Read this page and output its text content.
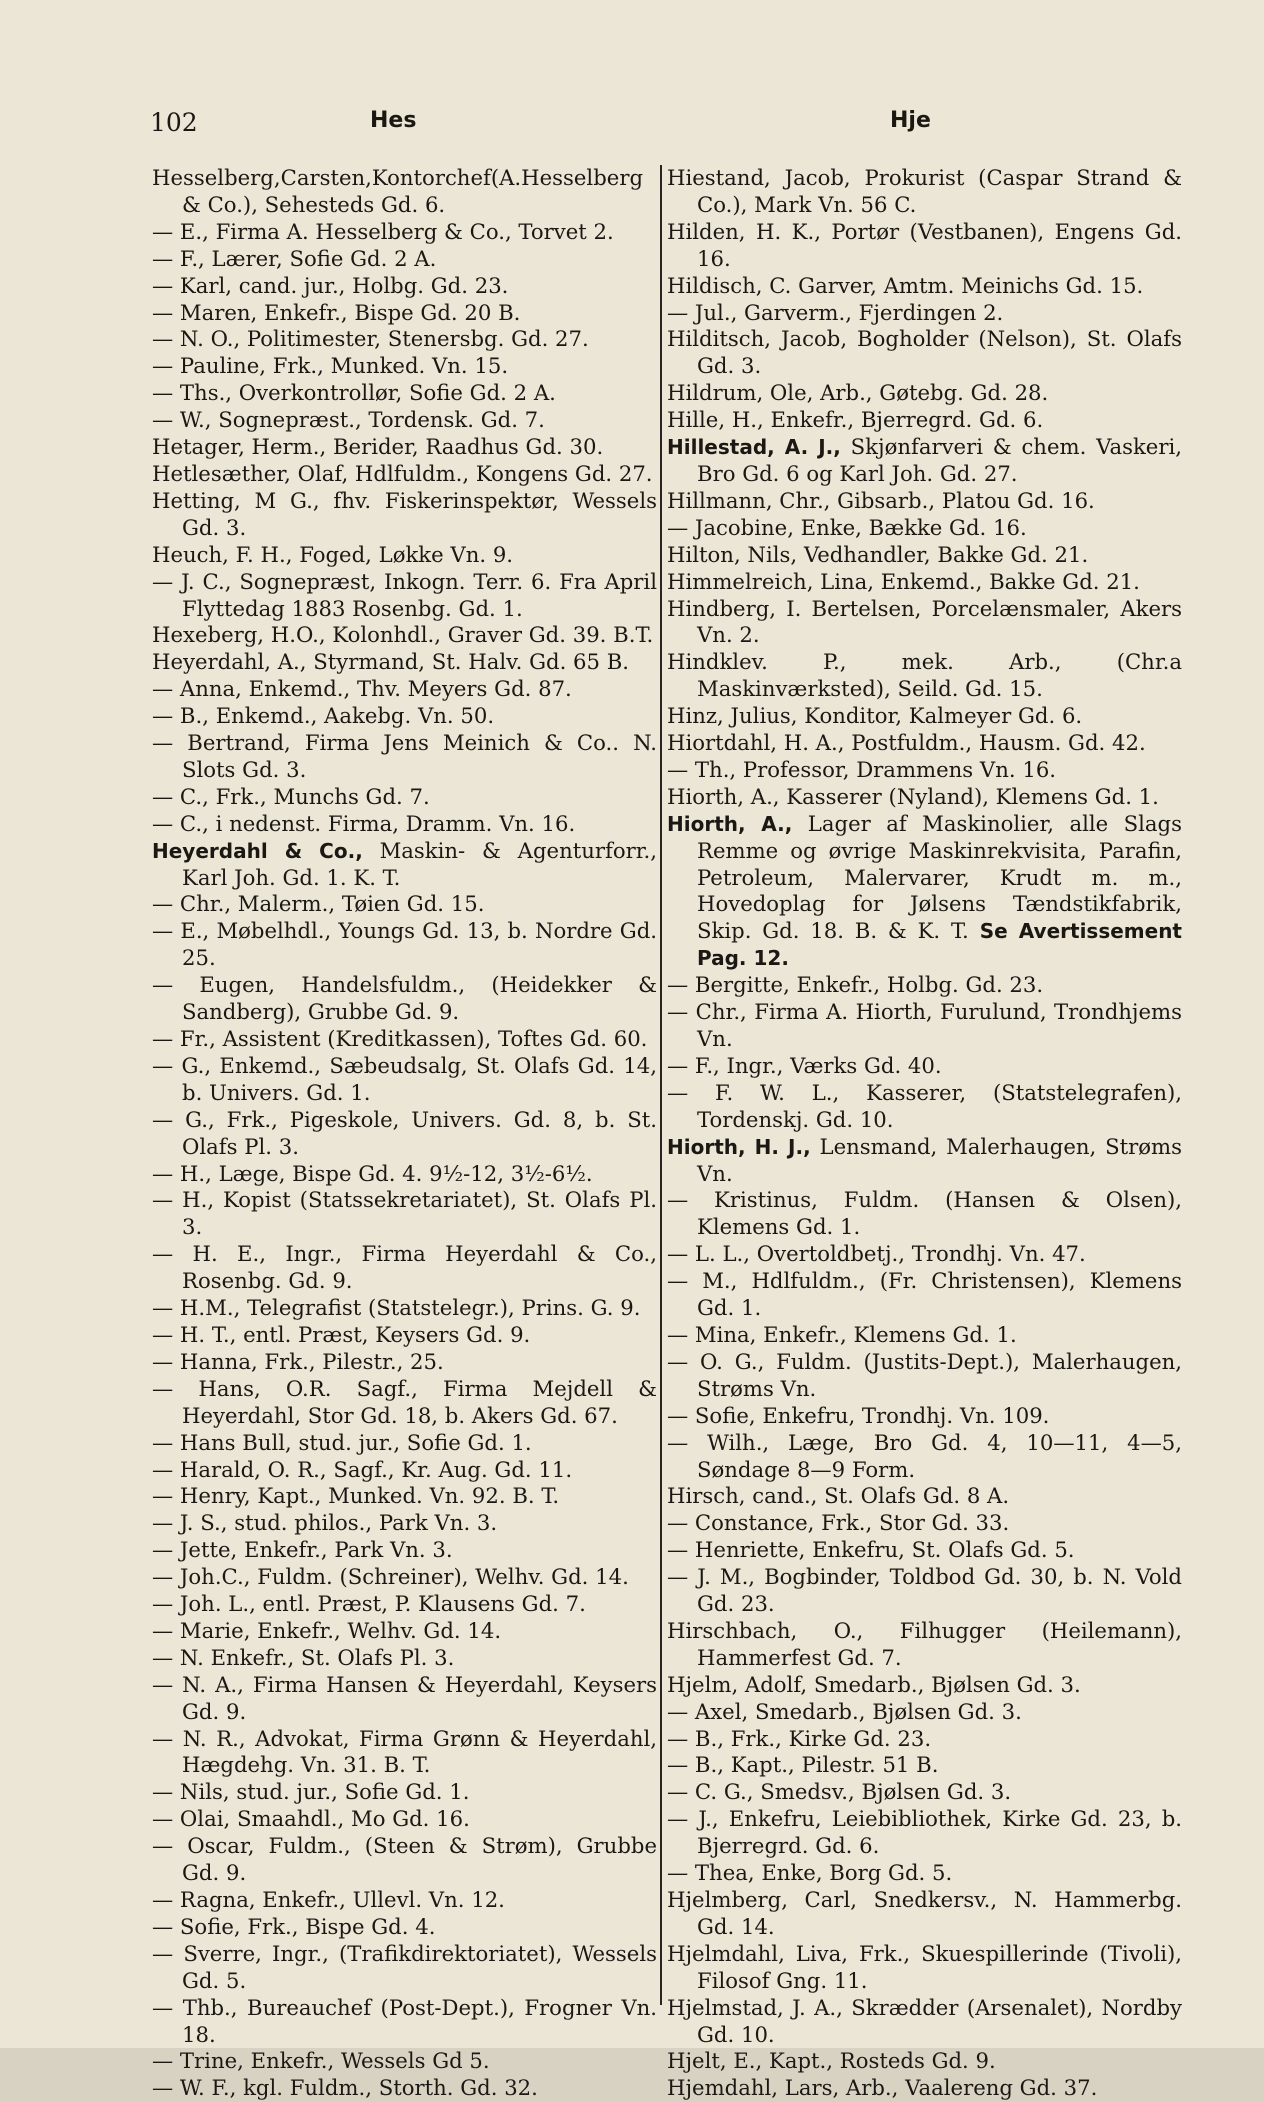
102	Hes	Hje
Hesselberg,Carsten,Kontorchef(A.Hesselberg & Co.), Sehesteds Gd. 6.
— E., Firma A. Hesselberg & Co., Torvet 2.
— F., Lærer, Sofie Gd. 2 A.
— Karl, cand. jur., Holbg. Gd. 23.
— Maren, Enkefr., Bispe Gd. 20 B.
— N. O., Politimester, Stenersbg. Gd. 27.
— Pauline, Frk., Munked. Vn. 15.
— Ths., Overkontrollør, Sofie Gd. 2 A.
— W., Sognepræst., Tordensk. Gd. 7.
Hetager, Herm., Berider, Raadhus Gd. 30.
Hetlesæther, Olaf, Hdlfuldm., Kongens Gd. 27.
Hetting, M G., fhv. Fiskerinspektør, Wessels Gd. 3.
Heuch, F. H., Foged, Løkke Vn. 9.
— J. C., Sognepræst, Inkogn. Terr. 6. Fra April Flyttedag 1883 Rosenbg. Gd. 1.
Hexeberg, H.O., Kolonhdl., Graver Gd. 39. B.T.
Heyerdahl, A., Styrmand, St. Halv. Gd. 65 B.
— Anna, Enkemd., Thv. Meyers Gd. 87.
— B., Enkemd., Aakebg. Vn. 50.
— Bertrand, Firma Jens Meinich & Co.. N. Slots Gd. 3.
— C., Frk., Munchs Gd. 7.
— C., i nedenst. Firma, Dramm. Vn. 16.
Heyerdahl & Co., Maskin- & Agenturforr., Karl Joh. Gd. 1. K. T.
— Chr., Malerm., Tøien Gd. 15.
— E., Møbelhdl., Youngs Gd. 13, b. Nordre Gd. 25.
— Eugen, Handelsfuldm., (Heidekker & Sandberg), Grubbe Gd. 9.
— Fr., Assistent (Kreditkassen), Toftes Gd. 60.
— G., Enkemd., Sæbeudsalg, St. Olafs Gd. 14, b. Univers. Gd. 1.
— G., Frk., Pigeskole, Univers. Gd. 8, b. St. Olafs Pl. 3.
— H., Læge, Bispe Gd. 4. 9½-12, 3½-6½.
— H., Kopist (Statssekretariatet), St. Olafs Pl. 3.
— H. E., Ingr., Firma Heyerdahl & Co., Rosenbg. Gd. 9.
— H.M., Telegrafist (Statstelegr.), Prins. G. 9.
— H. T., entl. Præst, Keysers Gd. 9.
— Hanna, Frk., Pilestr., 25.
— Hans, O.R. Sagf., Firma Mejdell & Heyerdahl, Stor Gd. 18, b. Akers Gd. 67.
— Hans Bull, stud. jur., Sofie Gd. 1.
— Harald, O. R., Sagf., Kr. Aug. Gd. 11.
— Henry, Kapt., Munked. Vn. 92. B. T.
— J. S., stud. philos., Park Vn. 3.
— Jette, Enkefr., Park Vn. 3.
— Joh.C., Fuldm. (Schreiner), Welhv. Gd. 14.
— Joh. L., entl. Præst, P. Klausens Gd. 7.
— Marie, Enkefr., Welhv. Gd. 14.
— N. Enkefr., St. Olafs Pl. 3.
— N. A., Firma Hansen & Heyerdahl, Keysers Gd. 9.
— N. R., Advokat, Firma Grønn & Heyerdahl, Hægdehg. Vn. 31. B. T.
— Nils, stud. jur., Sofie Gd. 1.
— Olai, Smaahdl., Mo Gd. 16.
— Oscar, Fuldm., (Steen & Strøm), Grubbe Gd. 9.
— Ragna, Enkefr., Ullevl. Vn. 12.
— Sofie, Frk., Bispe Gd. 4.
— Sverre, Ingr., (Trafikdirektoriatet), Wessels Gd. 5.
— Thb., Bureauchef (Post-Dept.), Frogner Vn. 18.
— Trine, Enkefr., Wessels Gd 5.
— W. F., kgl. Fuldm., Storth. Gd. 32.
Hiestand, Jacob, Prokurist (Caspar Strand & Co.), Mark Vn. 56 C.
Hilden, H. K., Portør (Vestbanen), Engens Gd. 16.
Hildisch, C. Garver, Amtm. Meinichs Gd. 15.
— Jul., Garverm., Fjerdingen 2.
Hilditsch, Jacob, Bogholder (Nelson), St. Olafs Gd. 3.
Hildrum, Ole, Arb., Gøtebg. Gd. 28.
Hille, H., Enkefr., Bjerregrd. Gd. 6.
Hillestad, A. J., Skjønfarveri & chem. Vaskeri, Bro Gd. 6 og Karl Joh. Gd. 27.
Hillmann, Chr., Gibsarb., Platou Gd. 16.
— Jacobine, Enke, Bække Gd. 16.
Hilton, Nils, Vedhandler, Bakke Gd. 21.
Himmelreich, Lina, Enkemd., Bakke Gd. 21.
Hindberg, I. Bertelsen, Porcelænsmaler, Akers Vn. 2.
Hindklev. P., mek. Arb., (Chr.a Maskinværksted), Seild. Gd. 15.
Hinz, Julius, Konditor, Kalmeyer Gd. 6.
Hiortdahl, H. A., Postfuldm., Hausm. Gd. 42.
— Th., Professor, Drammens Vn. 16.
Hiorth, A., Kasserer (Nyland), Klemens Gd. 1.
Hiorth, A., Lager af Maskinolier, alle Slags Remme og øvrige Maskinrekvisita, Parafin, Petroleum, Malervarer, Krudt m. m., Hovedoplag for Jølsens Tændstikfabrik, Skip. Gd. 18. B. & K. T. Se Avertissement Pag. 12.
— Bergitte, Enkefr., Holbg. Gd. 23.
— Chr., Firma A. Hiorth, Furulund, Trondhjems Vn.
— F., Ingr., Værks Gd. 40.
— F. W. L., Kasserer, (Statstelegrafen), Tordenskj. Gd. 10.
Hiorth, H. J., Lensmand, Malerhaugen, Strøms Vn.
— Kristinus, Fuldm. (Hansen & Olsen), Klemens Gd. 1.
— L. L., Overtoldbetj., Trondhj. Vn. 47.
— M., Hdlfuldm., (Fr. Christensen), Klemens Gd. 1.
— Mina, Enkefr., Klemens Gd. 1.
— O. G., Fuldm. (Justits-Dept.), Malerhaugen, Strøms Vn.
— Sofie, Enkefru, Trondhj. Vn. 109.
— Wilh., Læge, Bro Gd. 4, 10—11, 4—5, Søndage 8—9 Form.
Hirsch, cand., St. Olafs Gd. 8 A.
— Constance, Frk., Stor Gd. 33.
— Henriette, Enkefru, St. Olafs Gd. 5.
— J. M., Bogbinder, Toldbod Gd. 30, b. N. Vold Gd. 23.
Hirschbach, O., Filhugger (Heilemann), Hammerfest Gd. 7.
Hjelm, Adolf, Smedarb., Bjølsen Gd. 3.
— Axel, Smedarb., Bjølsen Gd. 3.
— B., Frk., Kirke Gd. 23.
— B., Kapt., Pilestr. 51 B.
— C. G., Smedsv., Bjølsen Gd. 3.
— J., Enkefru, Leiebibliothek, Kirke Gd. 23, b. Bjerregrd. Gd. 6.
— Thea, Enke, Borg Gd. 5.
Hjelmberg, Carl, Snedkersv., N. Hammerbg. Gd. 14.
Hjelmdahl, Liva, Frk., Skuespillerinde (Tivoli), Filosof Gng. 11.
Hjelmstad, J. A., Skrædder (Arsenalet), Nordby Gd. 10.
Hjelt, E., Kapt., Rosteds Gd. 9.
Hjemdahl, Lars, Arb., Vaalereng Gd. 37.
